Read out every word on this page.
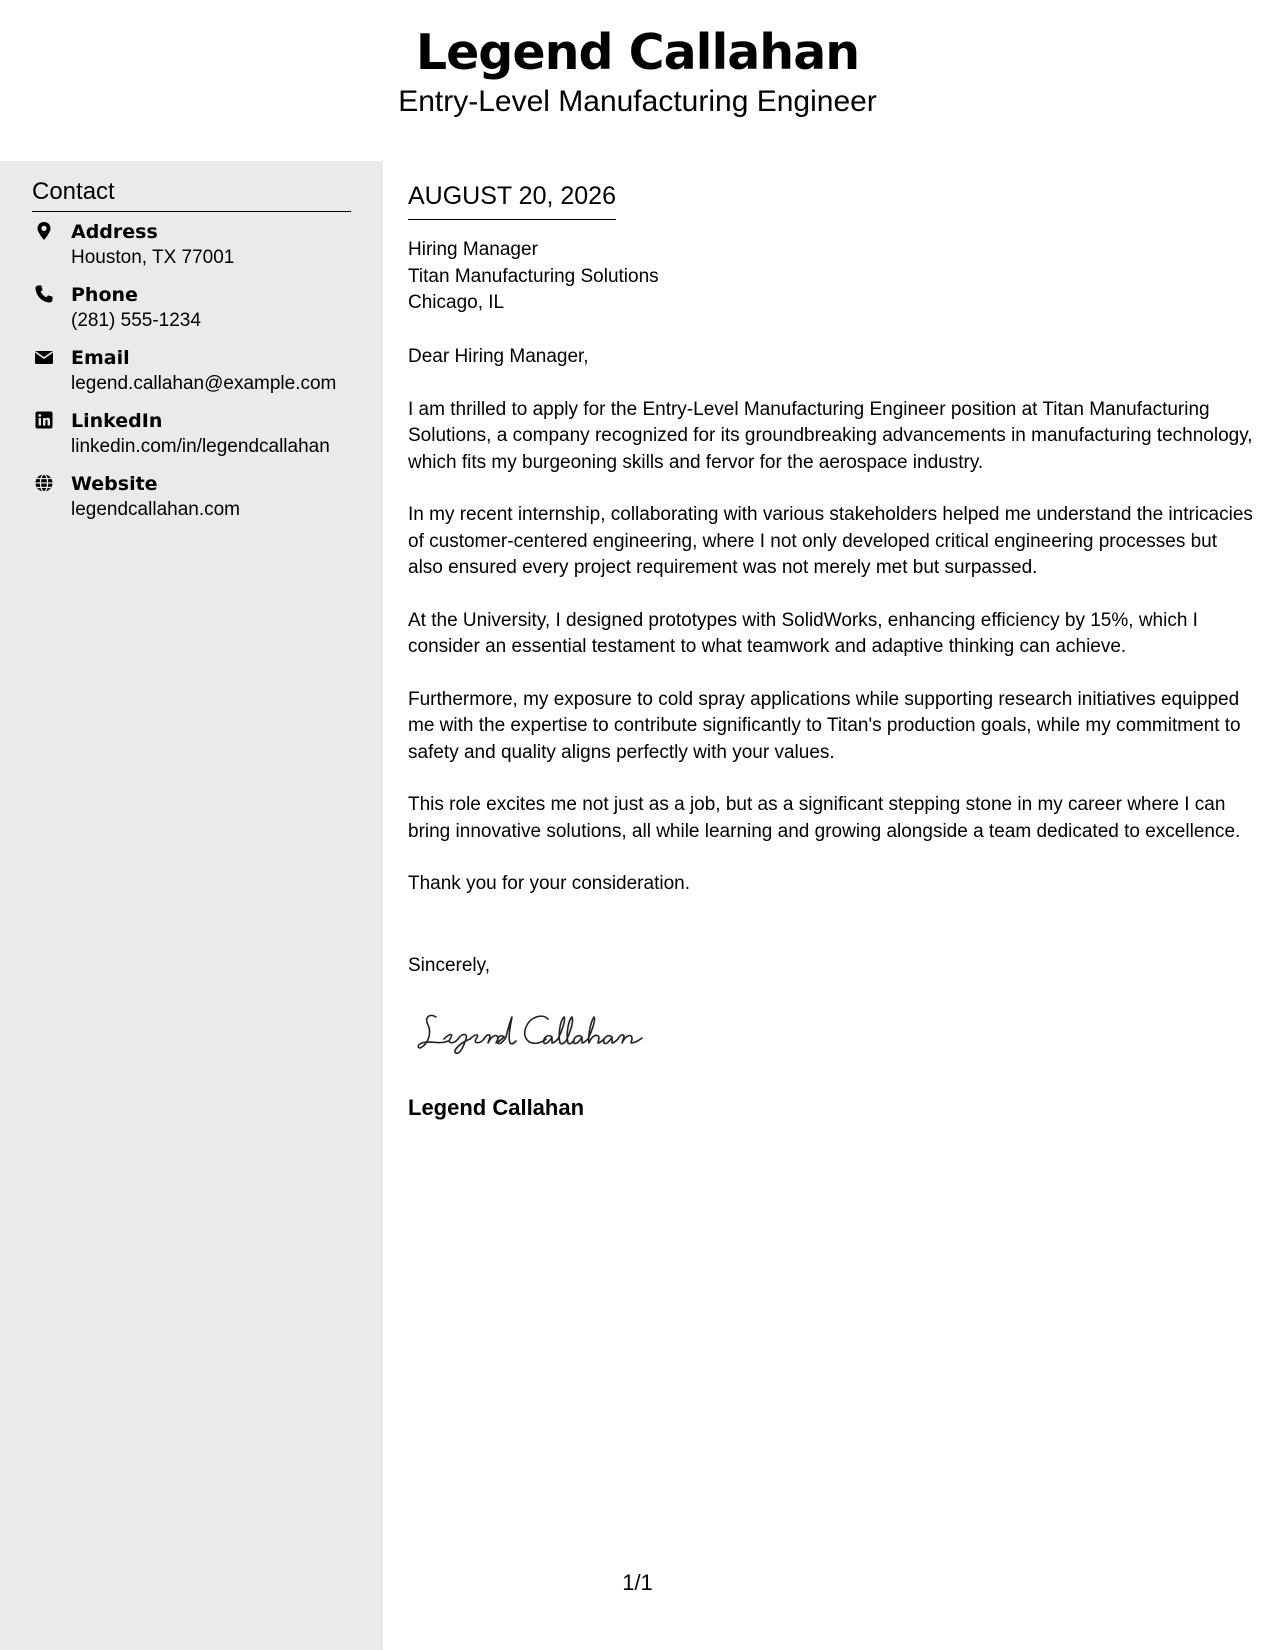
Legend Callahan
Entry-Level Manufacturing Engineer
Contact
Address
Houston, TX 77001
Phone
(281) 555-1234
Email
legend.callahan@example.com
LinkedIn
linkedin.com/in/legendcallahan
Website
legendcallahan.com
AUGUST 20, 2026
Hiring Manager
Titan Manufacturing Solutions
Chicago, IL

Dear Hiring Manager,

I am thrilled to apply for the Entry-Level Manufacturing Engineer position at Titan Manufacturing Solutions, a company recognized for its groundbreaking advancements in manufacturing technology, which fits my burgeoning skills and fervor for the aerospace industry.

In my recent internship, collaborating with various stakeholders helped me understand the intricacies of customer-centered engineering, where I not only developed critical engineering processes but also ensured every project requirement was not merely met but surpassed.

At the University, I designed prototypes with SolidWorks, enhancing efficiency by 15%, which I consider an essential testament to what teamwork and adaptive thinking can achieve.

Furthermore, my exposure to cold spray applications while supporting research initiatives equipped me with the expertise to contribute significantly to Titan's production goals, while my commitment to safety and quality aligns perfectly with your values.

This role excites me not just as a job, but as a significant stepping stone in my career where I can bring innovative solutions, all while learning and growing alongside a team dedicated to excellence.

Thank you for your consideration.

Sincerely,
Legend Callahan
1/1
